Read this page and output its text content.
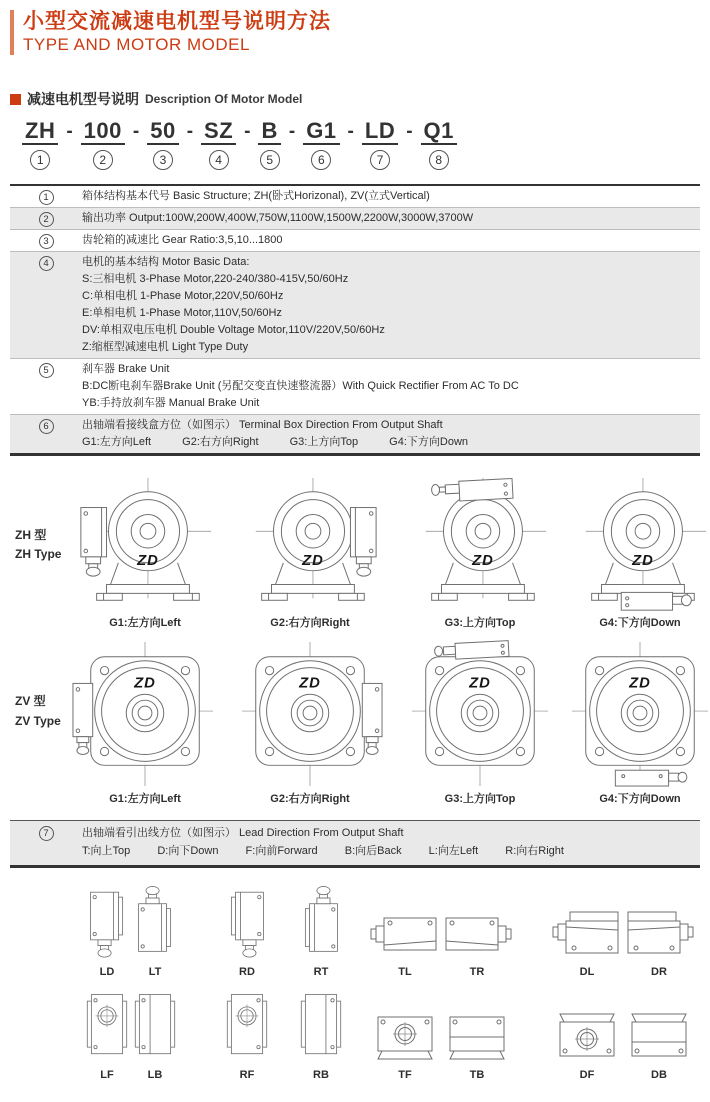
小型交流减速电机型号说明方法
TYPE AND MOTOR MODEL
减速电机型号说明 Description Of Motor Model
ZH
1
- 100
2
- 50
3
- SZ
4
- B
5
- G1
6
- LD
7
- Q1
8
1	箱体结构基本代号 Basic Structure; ZH(卧式Horizonal), ZV(立式Vertical)
2	输出功率 Output:100W,200W,400W,750W,1100W,1500W,2200W,3000W,3700W
3	齿轮箱的减速比 Gear Ratio:3,5,10...1800
4	电机的基本结构 Motor Basic Data:
S:三相电机 3-Phase Motor,220-240/380-415V,50/60Hz
C:单相电机 1-Phase Motor,220V,50/60Hz
E:单相电机 1-Phase Motor,110V,50/60Hz
DV:单相双电压电机 Double Voltage Motor,110V/220V,50/60Hz
Z:缩框型减速电机 Light Type Duty
5	刹车器 Brake Unit
B:DC断电刹车器Brake Unit (另配交变直快速整流器）With Quick Rectifier From AC To DC
YB:手持放刹车器 Manual Brake Unit
6	出轴端看接线盒方位（如图示） Terminal Box Direction From Output Shaft
G1:左方向Left	G2:右方向Right	G3:上方向Top	G4:下方向Down
ZH 型
ZH Type	ZD
G1:左方向Left
ZD
G2:右方向Right
ZD
G3:上方向Top
ZD
G4:下方向Down
ZV 型
ZV Type
ZD
G1:左方向Left
ZD
G2:右方向Right
ZD
G3:上方向Top
ZD
G4:下方向Down
7	出轴端看引出线方位（如图示） Lead Direction From Output Shaft
T:向上Top D:向下Down F:向前Forward B:向后Back L:向左Left R:向右Right
LD	LT	RD	RT	TL	TR	DL	DR
LF	LB	RF	RB	TF	TB	DF	DB
